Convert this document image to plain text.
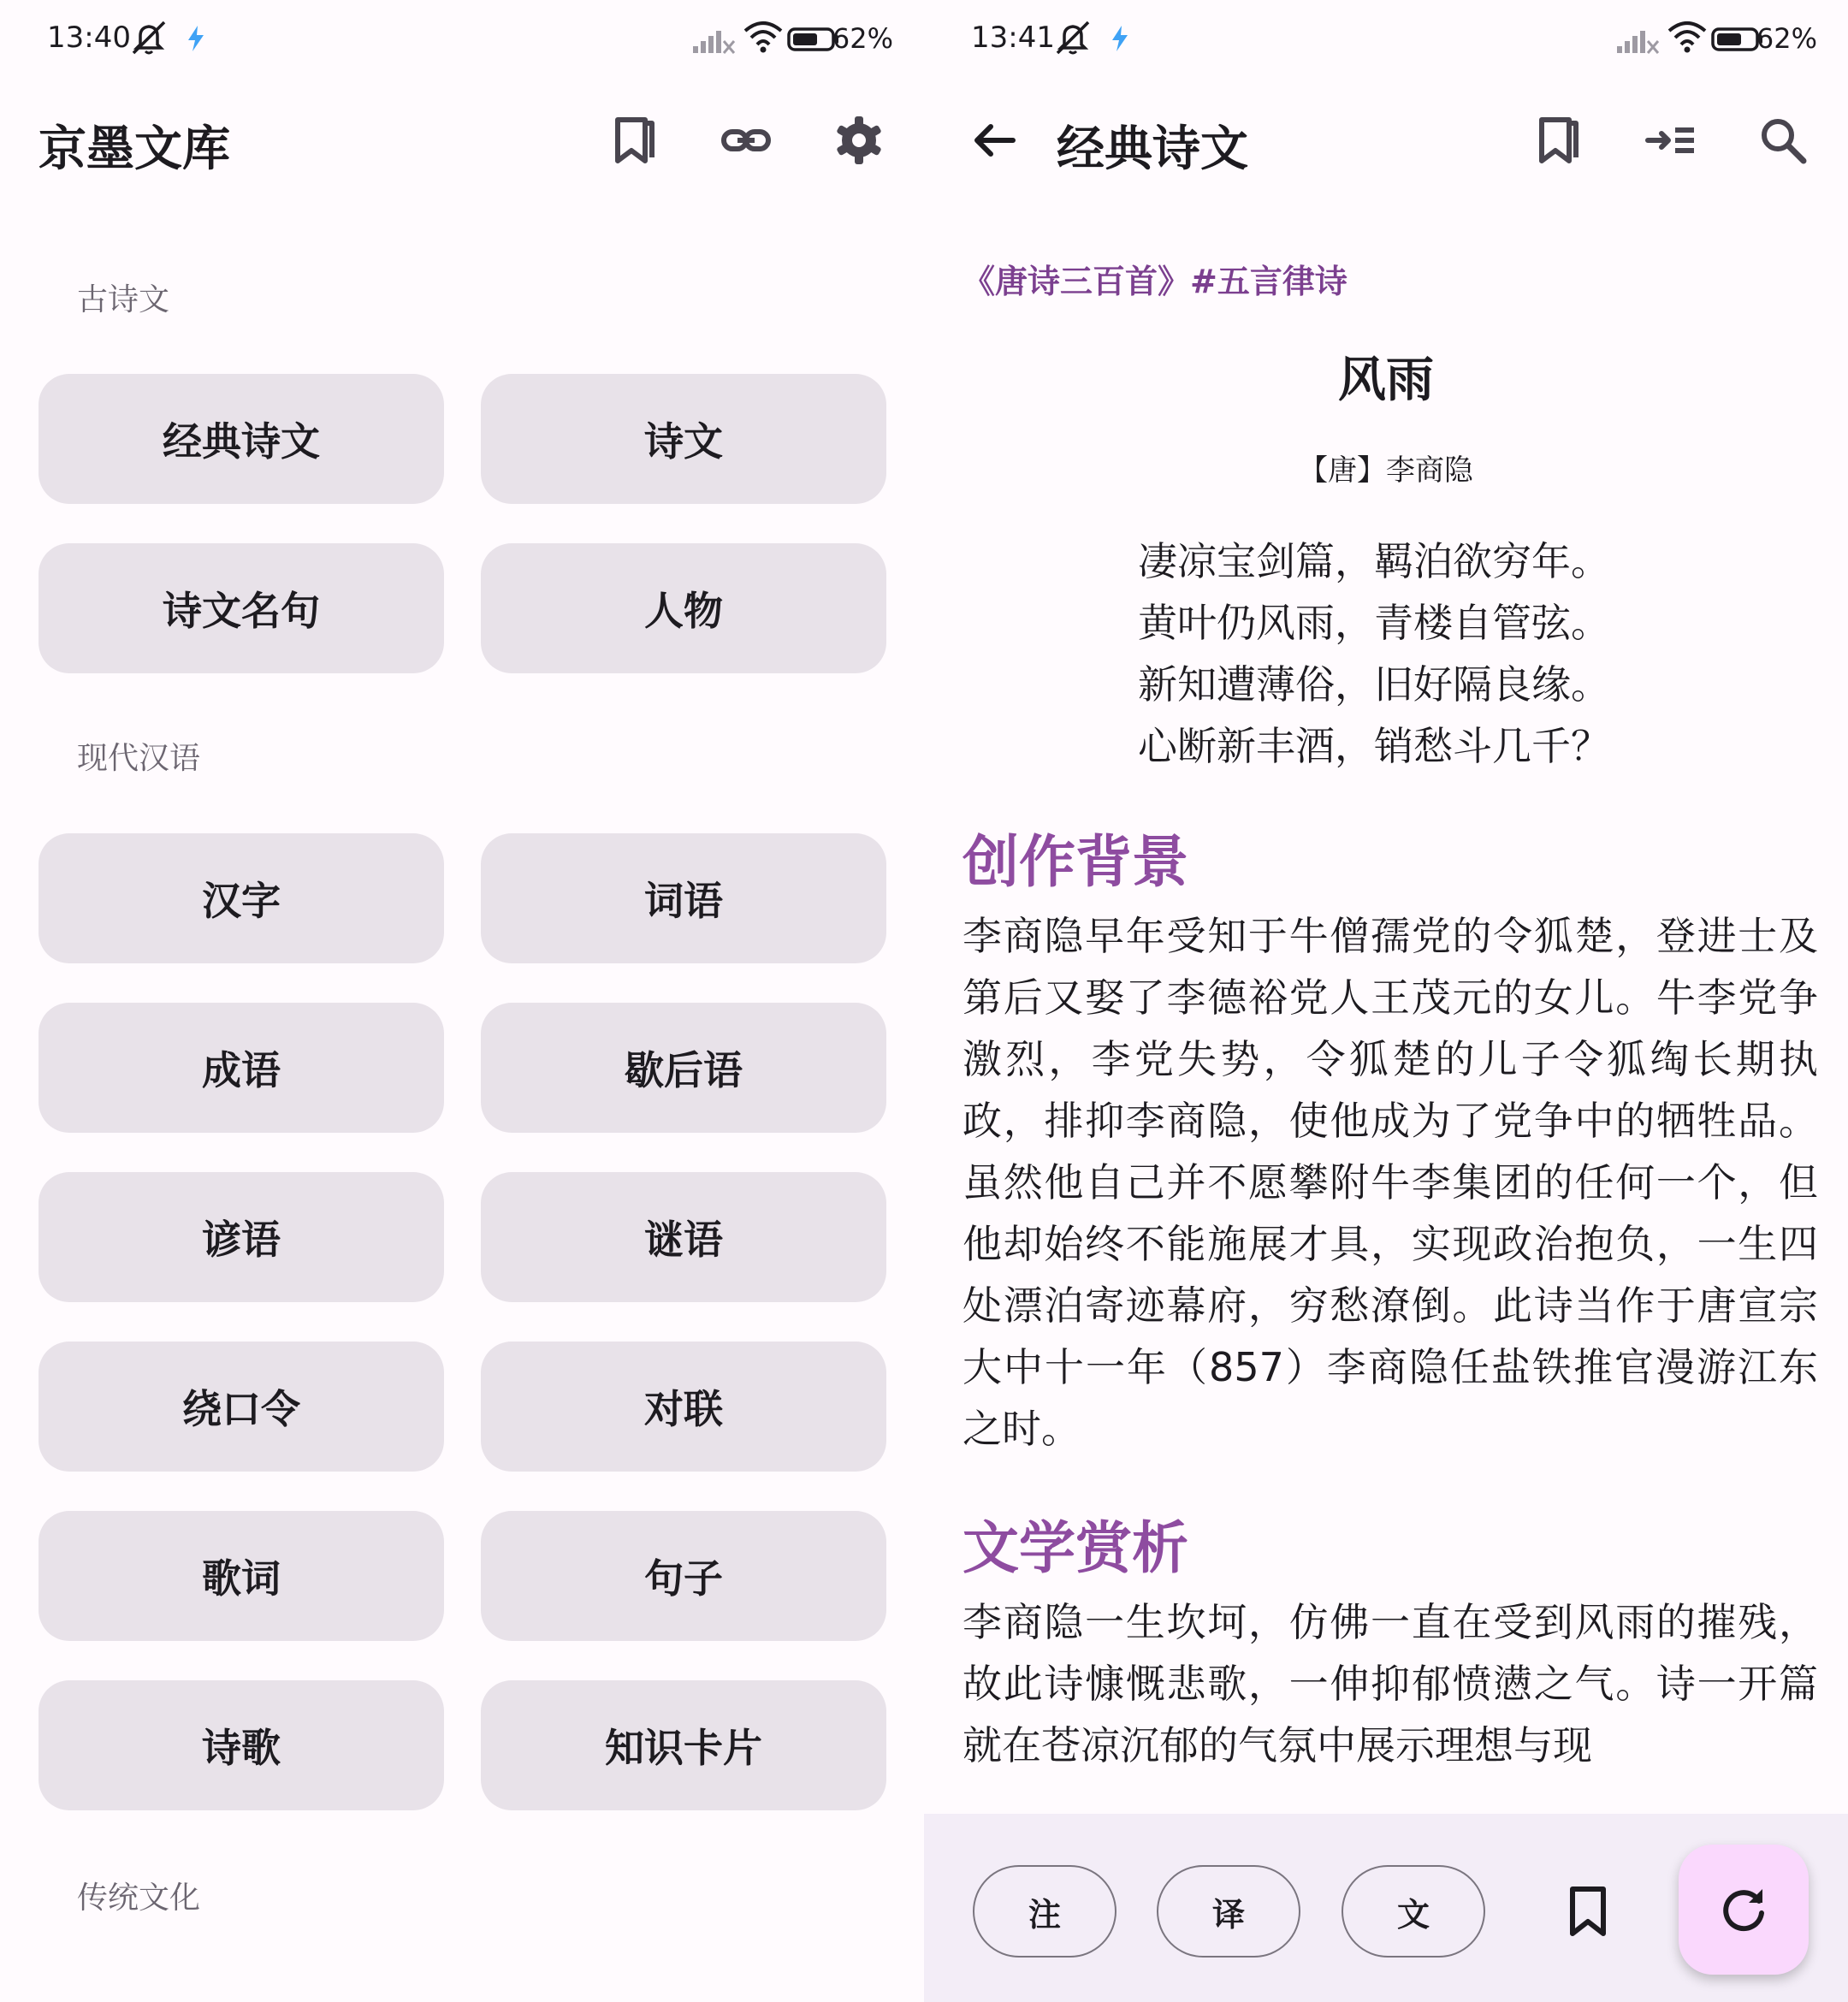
13:40	62%
京墨文库
古诗文
经典诗文	诗文
诗文名句	人物
现代汉语
汉字	词语
成语	歇后语
谚语	谜语
绕口令	对联
歌词	句子
诗歌	知识卡片
传统文化
13:41	62%
经典诗文
《唐诗三百首》#五言律诗
风雨
【唐】李商隐
凄凉宝剑篇，羁泊欲穷年。
黄叶仍风雨，青楼自管弦。
新知遭薄俗，旧好隔良缘。
心断新丰酒，销愁斗几千？
创作背景
李商隐早年受知于牛僧孺党的令狐楚，登进士及第后又娶了李德裕党人王茂元的女儿。牛李党争激烈，李党失势，令狐楚的儿子令狐绹长期执政，排抑李商隐，使他成为了党争中的牺牲品。虽然他自己并不愿攀附牛李集团的任何一个，但他却始终不能施展才具，实现政治抱负，一生四处漂泊寄迹幕府，穷愁潦倒。此诗当作于唐宣宗大中十一年（857）李商隐任盐铁推官漫游江东之时。
文学赏析
李商隐一生坎坷，仿佛一直在受到风雨的摧残，故此诗慷慨悲歌，一伸抑郁愤懑之气。诗一开篇就在苍凉沉郁的气氛中展示理想与现
注	译	文
